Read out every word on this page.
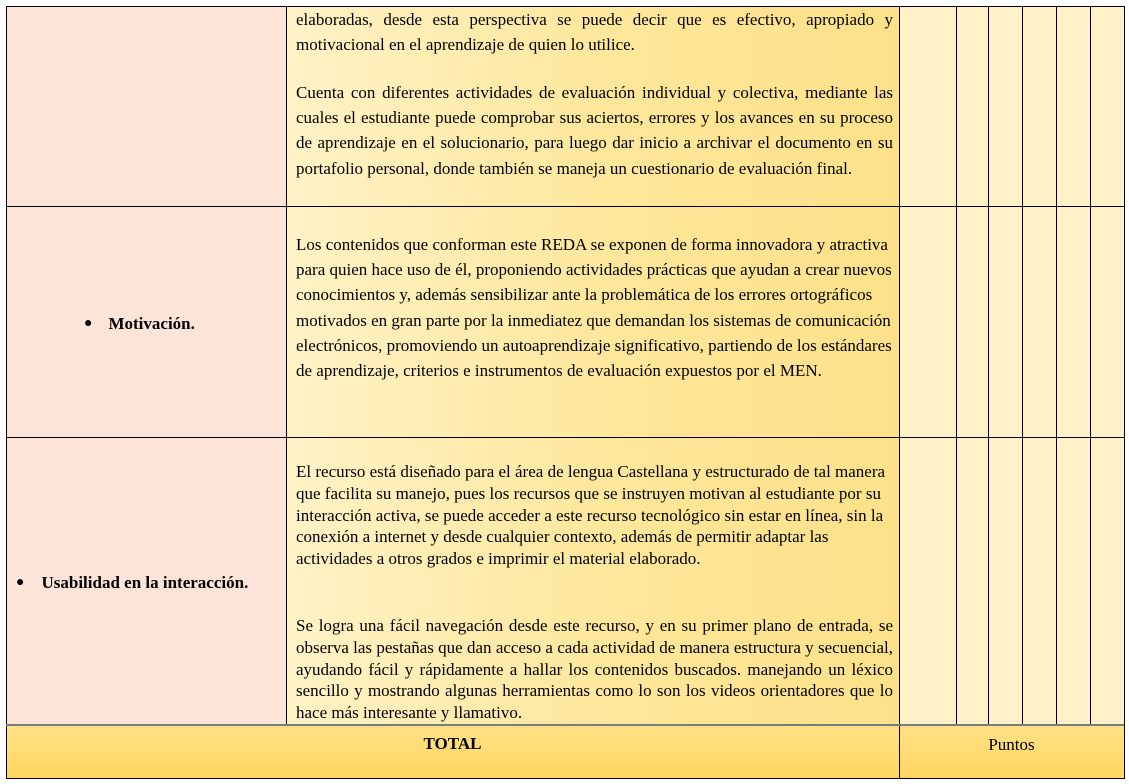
elaboradas, desde esta perspectiva se puede decir que es efectivo, apropiado y motivacional en el aprendizaje de quien lo utilice.

Cuenta con diferentes actividades de evaluación individual y colectiva, mediante las cuales el estudiante puede comprobar sus aciertos, errores y los avances en su proceso de aprendizaje en el solucionario, para luego dar inicio a archivar el documento en su portafolio personal, donde también se maneja un cuestionario de evaluación final.

● Motivación.

Los contenidos que conforman este REDA se exponen de forma innovadora y atractiva para quien hace uso de él, proponiendo actividades prácticas que ayudan a crear nuevos conocimientos y, además sensibilizar ante la problemática de los errores ortográficos motivados en gran parte por la inmediatez que demandan los sistemas de comunicación electrónicos, promoviendo un autoaprendizaje significativo, partiendo de los estándares de aprendizaje, criterios e instrumentos de evaluación expuestos por el MEN.

● Usabilidad en la interacción.

El recurso está diseñado para el área de lengua Castellana y estructurado de tal manera que facilita su manejo, pues los recursos que se instruyen motivan al estudiante por su interacción activa, se puede acceder a este recurso tecnológico sin estar en línea, sin la conexión a internet y desde cualquier contexto, además de permitir adaptar las actividades a otros grados e imprimir el material elaborado.

Se logra una fácil navegación desde este recurso, y en su primer plano de entrada, se observa las pestañas que dan acceso a cada actividad de manera estructura y secuencial, ayudando fácil y rápidamente a hallar los contenidos buscados. manejando un léxico sencillo y mostrando algunas herramientas como lo son los videos orientadores que lo hace más interesante y llamativo.

TOTAL	Puntos
